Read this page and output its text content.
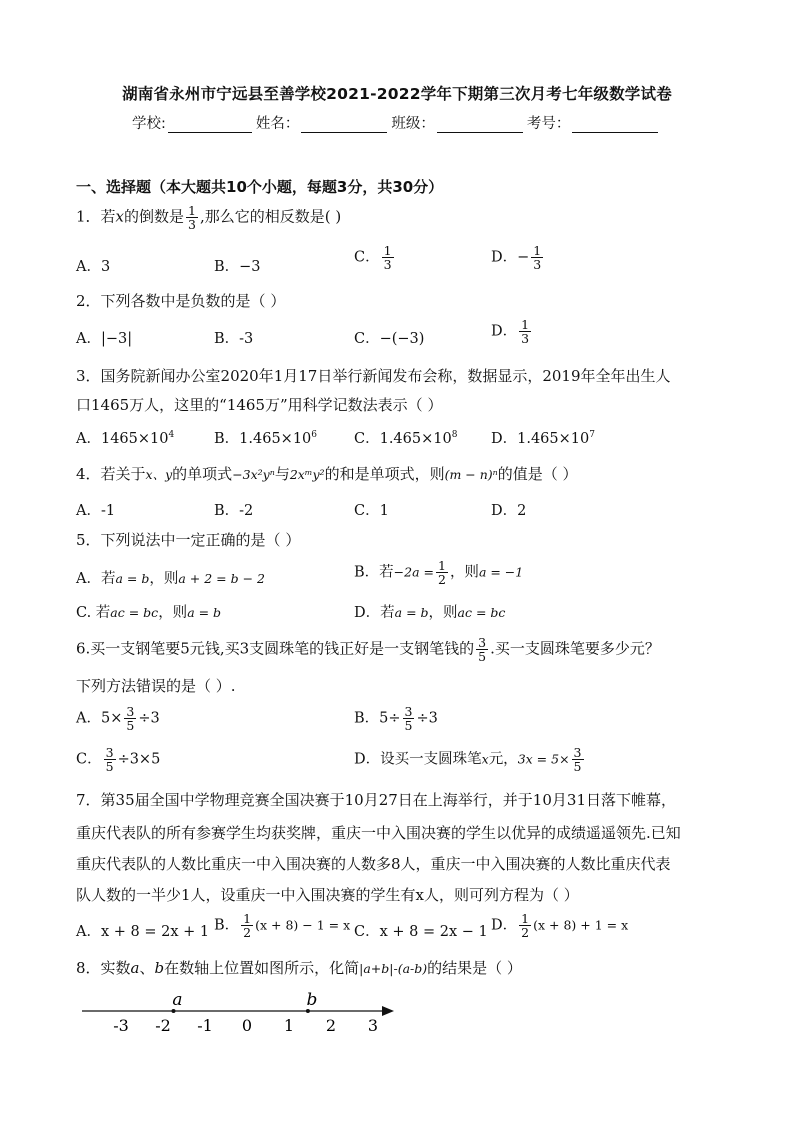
湖南省永州市宁远县至善学校2021-2022学年下期第三次月考七年级数学试卷
学校:	姓名：	班级：	考号：
一、选择题（本大题共10个小题，每题3分，共30分）
1．若x的倒数是 $\frac{1}{3}$ ,那么它的相反数是( )
A．3	B．−3
C． $\frac{1}{3}$	D．− $\frac{1}{3}$
2．下列各数中是负数的是（ ）
A．|−3|	B．-3	C．−(−3)	D． $\frac{1}{3}$
3．国务院新闻办公室2020年1月17日举行新闻发布会称，数据显示，2019年全年出生人
口1465万人，这里的“1465万”用科学记数法表示（ ）
A．$1465\times 10^4$	B．$1.465\times 10^6$	C．$1.465\times 10^8$ D．$1.465\times 10^7$
4．若关于x、y的单项式−3x²yⁿ与2xᵐy²的和是单项式，则(m − n)ⁿ的值是（ ）
A．-1	B．-2	C．1	D．2
5．下列说法中一定正确的是（ ）
A．若a = b，则a + 2 = b − 2	B．若$-2a = \frac{1}{2}$ ，则a = −1
C. 若ac = bc，则a = b	D．若a = b，则ac = bc
6.买一支钢笔要5元钱,买3支圆珠笔的钱正好是一支钢笔钱的 $\frac{3}{5}$ .买一支圆珠笔要多少元？
下列方法错误的是（ ）.
A．$5\times \frac{3}{5} \div 3$	B．$5\div \frac{3}{5} \div 3$
C． $\frac{3}{5} \div 3\times 5$	D．设买一支圆珠笔x元，$3x = 5\times \frac{3}{5}$
7．第35届全国中学物理竞赛全国决赛于10月27日在上海举行，并于10月31日落下帷幕，
重庆代表队的所有参赛学生均获奖牌，重庆一中入围决赛的学生以优异的成绩遥遥领先.已知
重庆代表队的人数比重庆一中入围决赛的人数多8人，重庆一中入围决赛的人数比重庆代表
队人数的一半少1人，设重庆一中入围决赛的学生有x人，则可列方程为（ ）
A．x + 8 = 2x + 1 B． $\frac{1}{2} (x + 8) - 1 = x$ C．x + 8 = 2x − 1 D． $\frac{1}{2} (x + 8) + 1 = x$
8．实数a、b在数轴上位置如图所示，化简|a+b|-(a-b)的结果是（ ）
-3 -2 -1 0 1 2 3
a	b
